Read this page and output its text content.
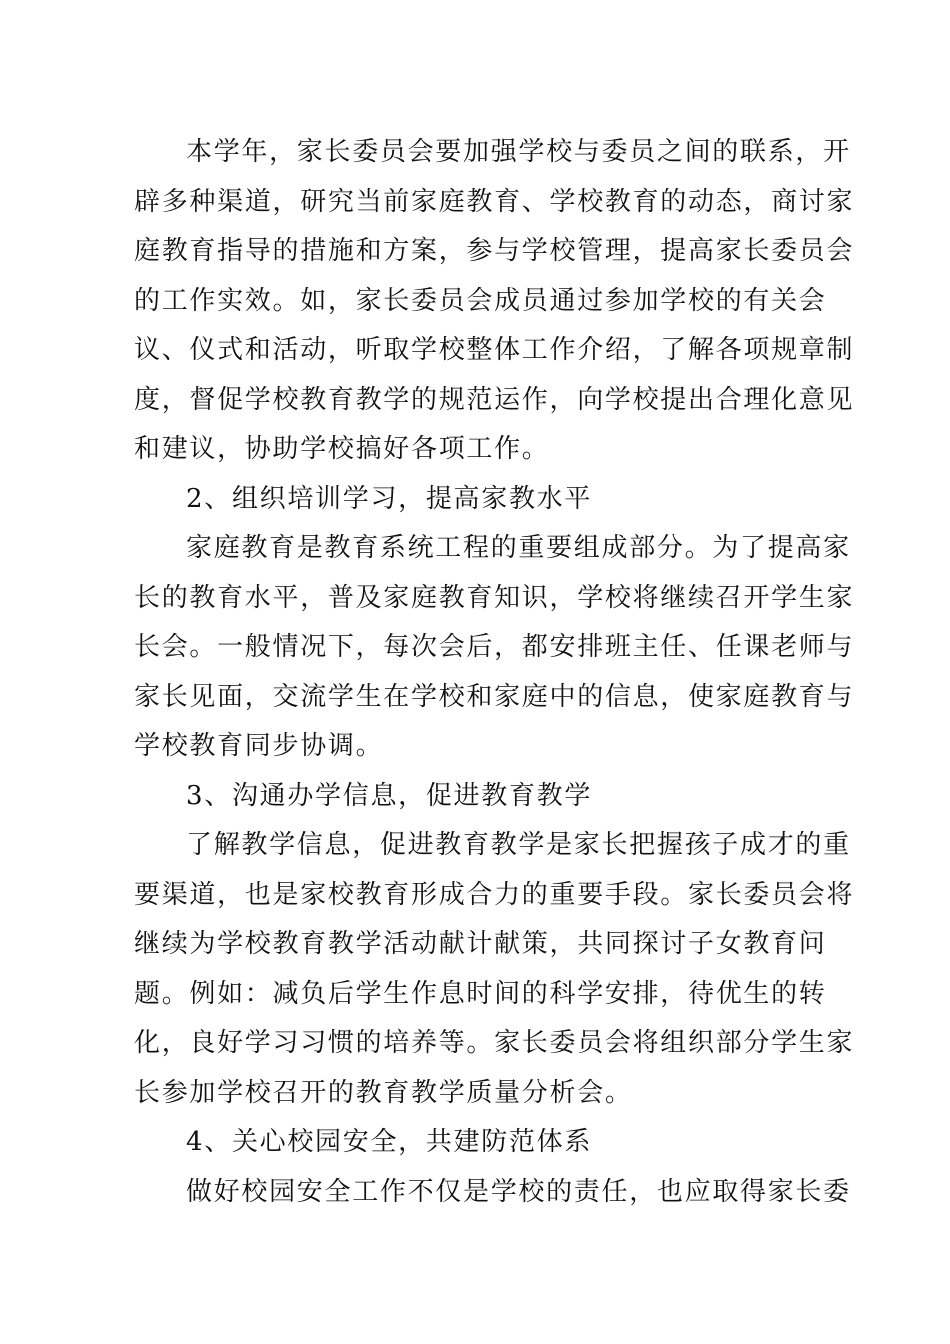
本学年，家长委员会要加强学校与委员之间的联系，开
辟多种渠道，研究当前家庭教育、学校教育的动态，商讨家
庭教育指导的措施和方案，参与学校管理，提高家长委员会
的工作实效。如，家长委员会成员通过参加学校的有关会
议、仪式和活动，听取学校整体工作介绍，了解各项规章制
度，督促学校教育教学的规范运作，向学校提出合理化意见
和建议，协助学校搞好各项工作。
2、组织培训学习，提高家教水平
家庭教育是教育系统工程的重要组成部分。为了提高家
长的教育水平，普及家庭教育知识，学校将继续召开学生家
长会。一般情况下，每次会后，都安排班主任、任课老师与
家长见面，交流学生在学校和家庭中的信息，使家庭教育与
学校教育同步协调。
3、沟通办学信息，促进教育教学
了解教学信息，促进教育教学是家长把握孩子成才的重
要渠道，也是家校教育形成合力的重要手段。家长委员会将
继续为学校教育教学活动献计献策，共同探讨子女教育问
题。例如：减负后学生作息时间的科学安排，待优生的转
化，良好学习习惯的培养等。家长委员会将组织部分学生家
长参加学校召开的教育教学质量分析会。
4、关心校园安全，共建防范体系
做好校园安全工作不仅是学校的责任，也应取得家长委
